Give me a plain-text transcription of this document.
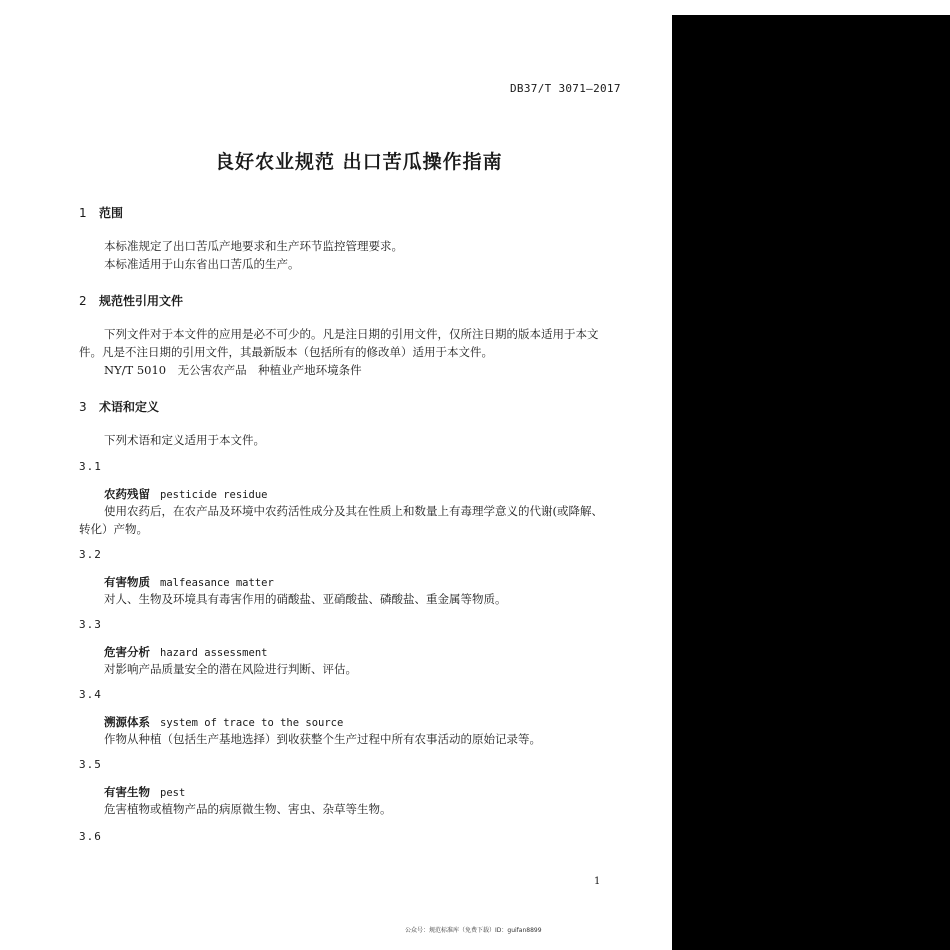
DB37/T 3071—2017
良好农业规范 出口苦瓜操作指南
1 范围
本标准规定了出口苦瓜产地要求和生产环节监控管理要求。
本标准适用于山东省出口苦瓜的生产。
2 规范性引用文件
下列文件对于本文件的应用是必不可少的。凡是注日期的引用文件，仅所注日期的版本适用于本文
件。凡是不注日期的引用文件，其最新版本（包括所有的修改单）适用于本文件。
NY/T 5010　无公害农产品　种植业产地环境条件
3 术语和定义
下列术语和定义适用于本文件。
3.1
农药残留 pesticide residue
使用农药后，在农产品及环境中农药活性成分及其在性质上和数量上有毒理学意义的代谢(或降解、
转化）产物。
3.2
有害物质 malfeasance matter
对人、生物及环境具有毒害作用的硝酸盐、亚硝酸盐、磷酸盐、重金属等物质。
3.3
危害分析 hazard assessment
对影响产品质量安全的潜在风险进行判断、评估。
3.4
溯源体系 system of trace to the source
作物从种植（包括生产基地选择）到收获整个生产过程中所有农事活动的原始记录等。
3.5
有害生物 pest
危害植物或植物产品的病原微生物、害虫、杂草等生物。
3.6
1
公众号：规范标准库（免费下载）ID：guifan8899
